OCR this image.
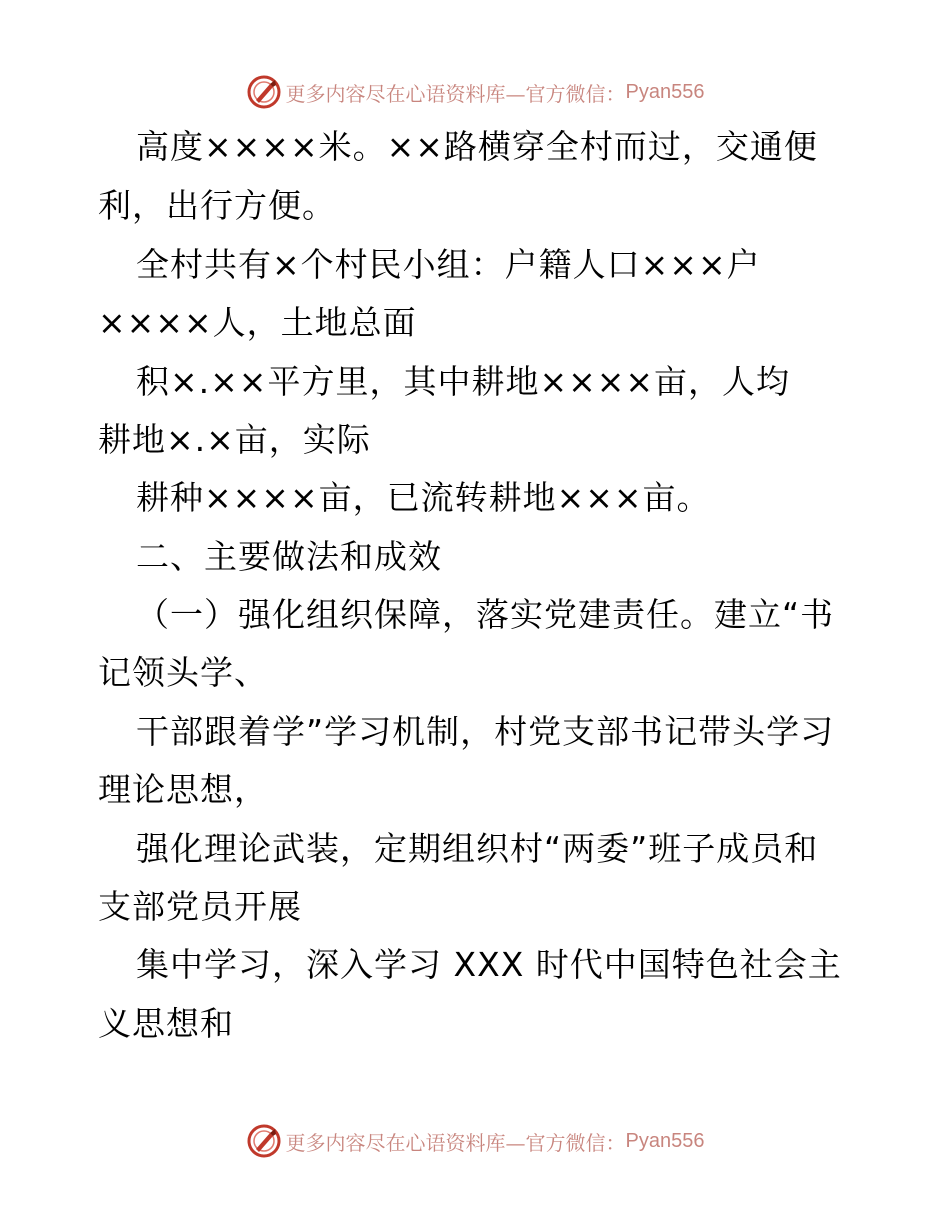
更多内容尽在心语资料库—官方微信： Pyan556
高度××××米。××路横穿全村而过，交通便
利，出行方便。
全村共有×个村民小组：户籍人口×××户
××××人，土地总面
积×.××平方里，其中耕地××××亩，人均
耕地×.×亩，实际
耕种××××亩，已流转耕地×××亩。
二、主要做法和成效
（一）强化组织保障，落实党建责任。建立“书
记领头学、
干部跟着学”学习机制，村党支部书记带头学习
理论思想，
强化理论武装，定期组织村“两委”班子成员和
支部党员开展
集中学习，深入学习 XXX 时代中国特色社会主
义思想和
更多内容尽在心语资料库—官方微信： Pyan556
